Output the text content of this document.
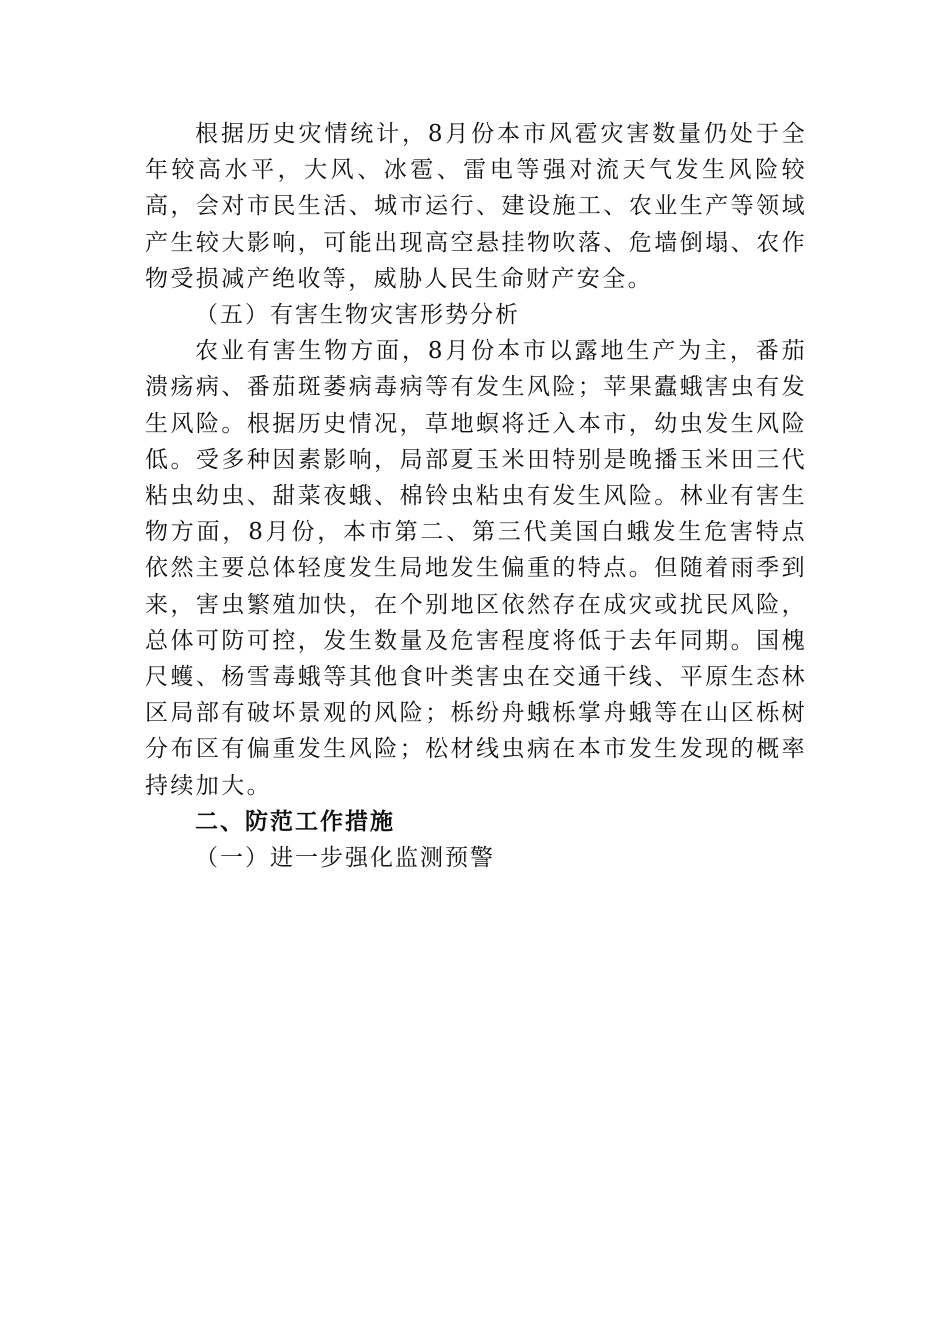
根据历史灾情统计，8月份本市风雹灾害数量仍处于全年较高水平，大风、冰雹、雷电等强对流天气发生风险较高，会对市民生活、城市运行、建设施工、农业生产等领域产生较大影响，可能出现高空悬挂物吹落、危墙倒塌、农作物受损减产绝收等，威胁人民生命财产安全。

（五）有害生物灾害形势分析

农业有害生物方面，8月份本市以露地生产为主，番茄溃疡病、番茄斑萎病毒病等有发生风险；苹果蠹蛾害虫有发生风险。根据历史情况，草地螟将迁入本市，幼虫发生风险低。受多种因素影响，局部夏玉米田特别是晚播玉米田三代粘虫幼虫、甜菜夜蛾、棉铃虫粘虫有发生风险。林业有害生物方面，8月份，本市第二、第三代美国白蛾发生危害特点依然主要总体轻度发生局地发生偏重的特点。但随着雨季到来，害虫繁殖加快，在个别地区依然存在成灾或扰民风险，总体可防可控，发生数量及危害程度将低于去年同期。国槐尺蠖、杨雪毒蛾等其他食叶类害虫在交通干线、平原生态林区局部有破坏景观的风险；栎纷舟蛾栎掌舟蛾等在山区栎树分布区有偏重发生风险；松材线虫病在本市发生发现的概率持续加大。

二、防范工作措施

（一）进一步强化监测预警
